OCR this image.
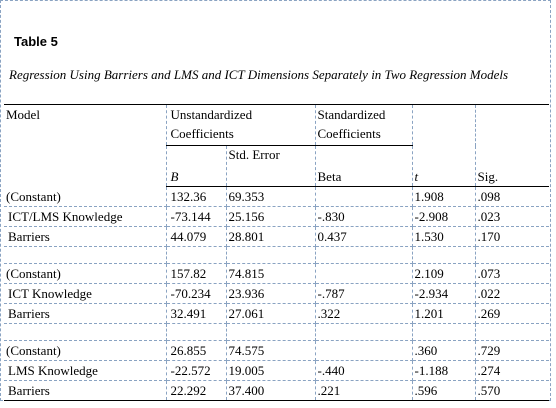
Table 5
Regression Using Barriers and LMS and ICT Dimensions Separately in Two Regression Models
Model	Unstandardized Coefficients		Standardized Coefficients		
	B	Std. Error	Beta	t	Sig.
(Constant)	132.36	69.353		1.908	.098
ICT/LMS Knowledge	-73.144	25.156	-.830	-2.908	.023
Barriers	44.079	28.801	0.437	1.530	.170

(Constant)	157.82	74.815		2.109	.073
ICT Knowledge	-70.234	23.936	-.787	-2.934	.022
Barriers	32.491	27.061	.322	1.201	.269

(Constant)	26.855	74.575		.360	.729
LMS Knowledge	-22.572	19.005	-.440	-1.188	.274
Barriers	22.292	37.400	.221	.596	.570
